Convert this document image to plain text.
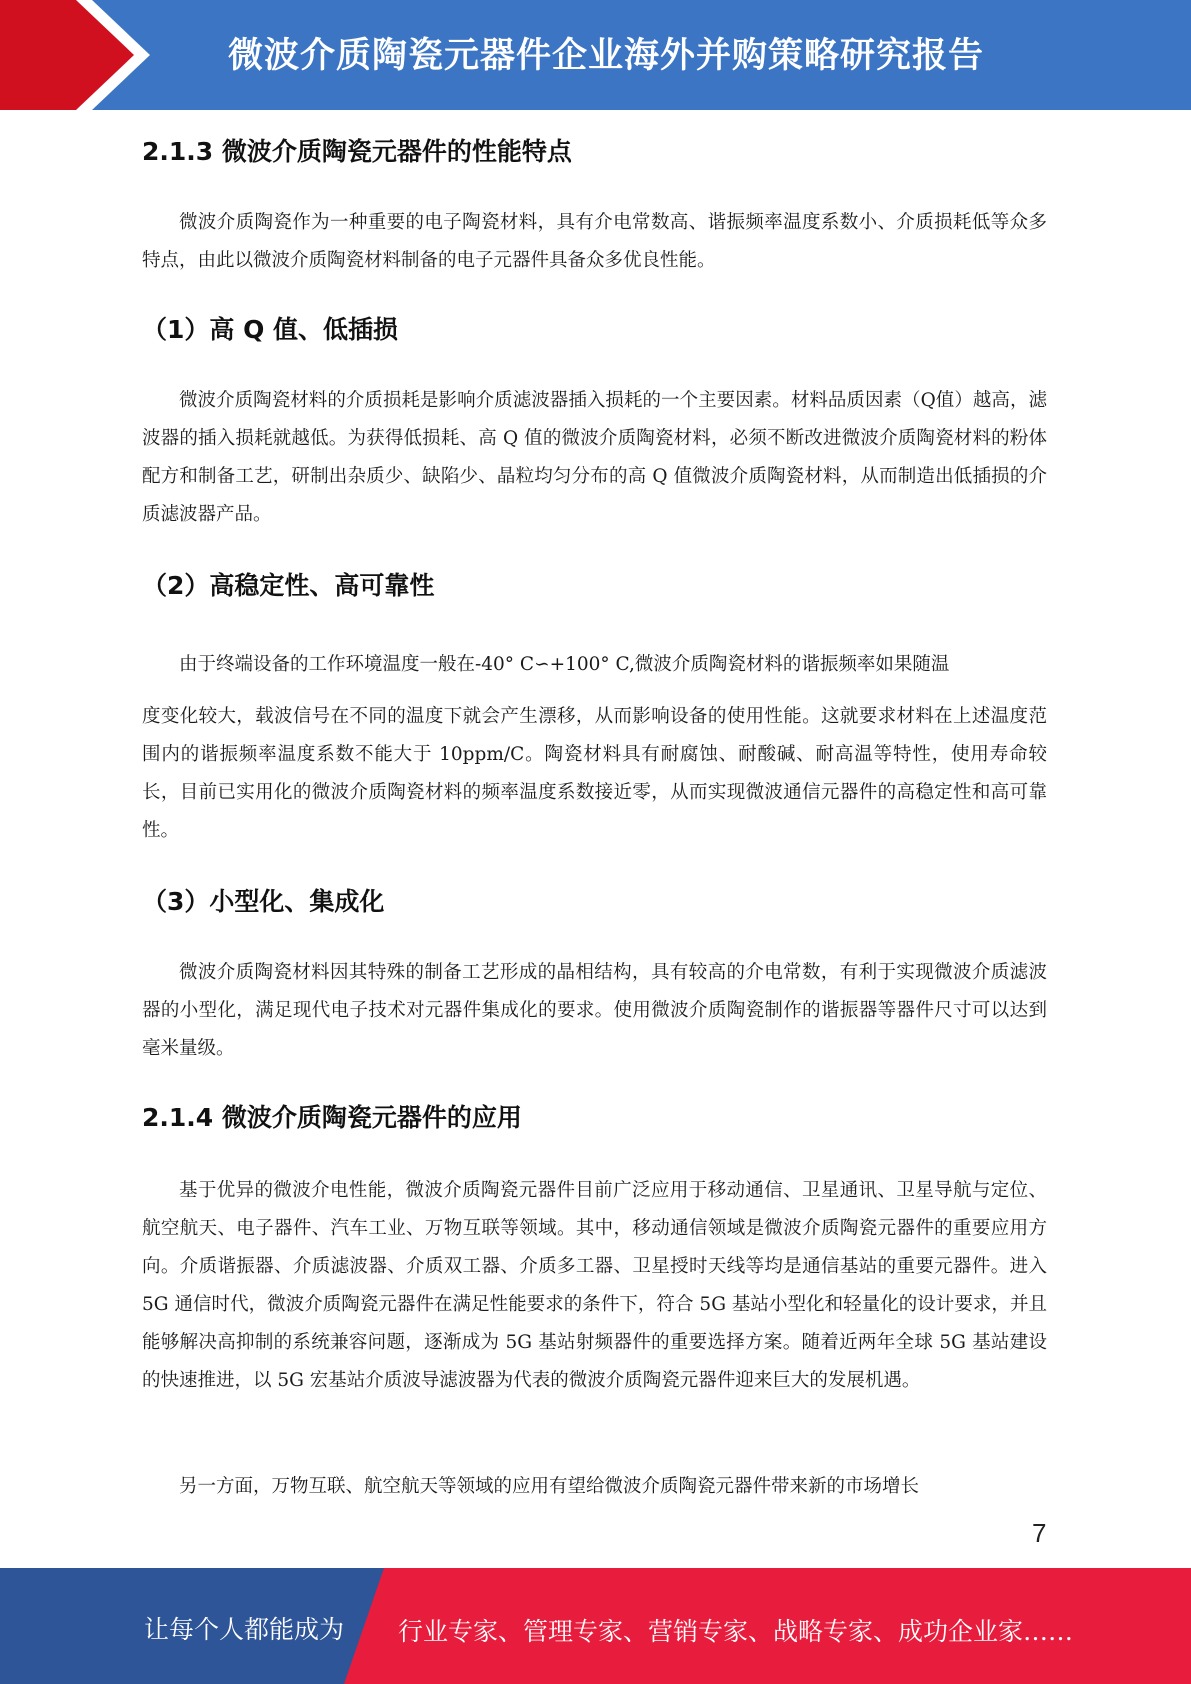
微波介质陶瓷元器件企业海外并购策略研究报告
2.1.3 微波介质陶瓷元器件的性能特点

微波介质陶瓷作为一种重要的电子陶瓷材料，具有介电常数高、谐振频率温度系数小、介质损耗低等众多特点，由此以微波介质陶瓷材料制备的电子元器件具备众多优良性能。

（1）高 Q 值、低插损

微波介质陶瓷材料的介质损耗是影响介质滤波器插入损耗的一个主要因素。材料品质因素（Q值）越高，滤波器的插入损耗就越低。为获得低损耗、高 Q 值的微波介质陶瓷材料，必须不断改进微波介质陶瓷材料的粉体配方和制备工艺，研制出杂质少、缺陷少、晶粒均匀分布的高 Q 值微波介质陶瓷材料，从而制造出低插损的介质滤波器产品。

（2）高稳定性、高可靠性

由于终端设备的工作环境温度一般在-40° C∽+100° C,微波介质陶瓷材料的谐振频率如果随温

度变化较大，载波信号在不同的温度下就会产生漂移，从而影响设备的使用性能。这就要求材料在上述温度范围内的谐振频率温度系数不能大于 10ppm/C。陶瓷材料具有耐腐蚀、耐酸碱、耐高温等特性，使用寿命较长，目前已实用化的微波介质陶瓷材料的频率温度系数接近零，从而实现微波通信元器件的高稳定性和高可靠性。

（3）小型化、集成化

微波介质陶瓷材料因其特殊的制备工艺形成的晶相结构，具有较高的介电常数，有利于实现微波介质滤波器的小型化，满足现代电子技术对元器件集成化的要求。使用微波介质陶瓷制作的谐振器等器件尺寸可以达到毫米量级。

2.1.4 微波介质陶瓷元器件的应用

基于优异的微波介电性能，微波介质陶瓷元器件目前广泛应用于移动通信、卫星通讯、卫星导航与定位、航空航天、电子器件、汽车工业、万物互联等领域。其中，移动通信领域是微波介质陶瓷元器件的重要应用方向。介质谐振器、介质滤波器、介质双工器、介质多工器、卫星授时天线等均是通信基站的重要元器件。进入 5G 通信时代，微波介质陶瓷元器件在满足性能要求的条件下，符合 5G 基站小型化和轻量化的设计要求，并且能够解决高抑制的系统兼容问题，逐渐成为 5G 基站射频器件的重要选择方案。随着近两年全球 5G 基站建设的快速推进，以 5G 宏基站介质波导滤波器为代表的微波介质陶瓷元器件迎来巨大的发展机遇。

另一方面，万物互联、航空航天等领域的应用有望给微波介质陶瓷元器件带来新的市场增长

7
让每个人都能成为 行业专家、管理专家、营销专家、战略专家、成功企业家……
